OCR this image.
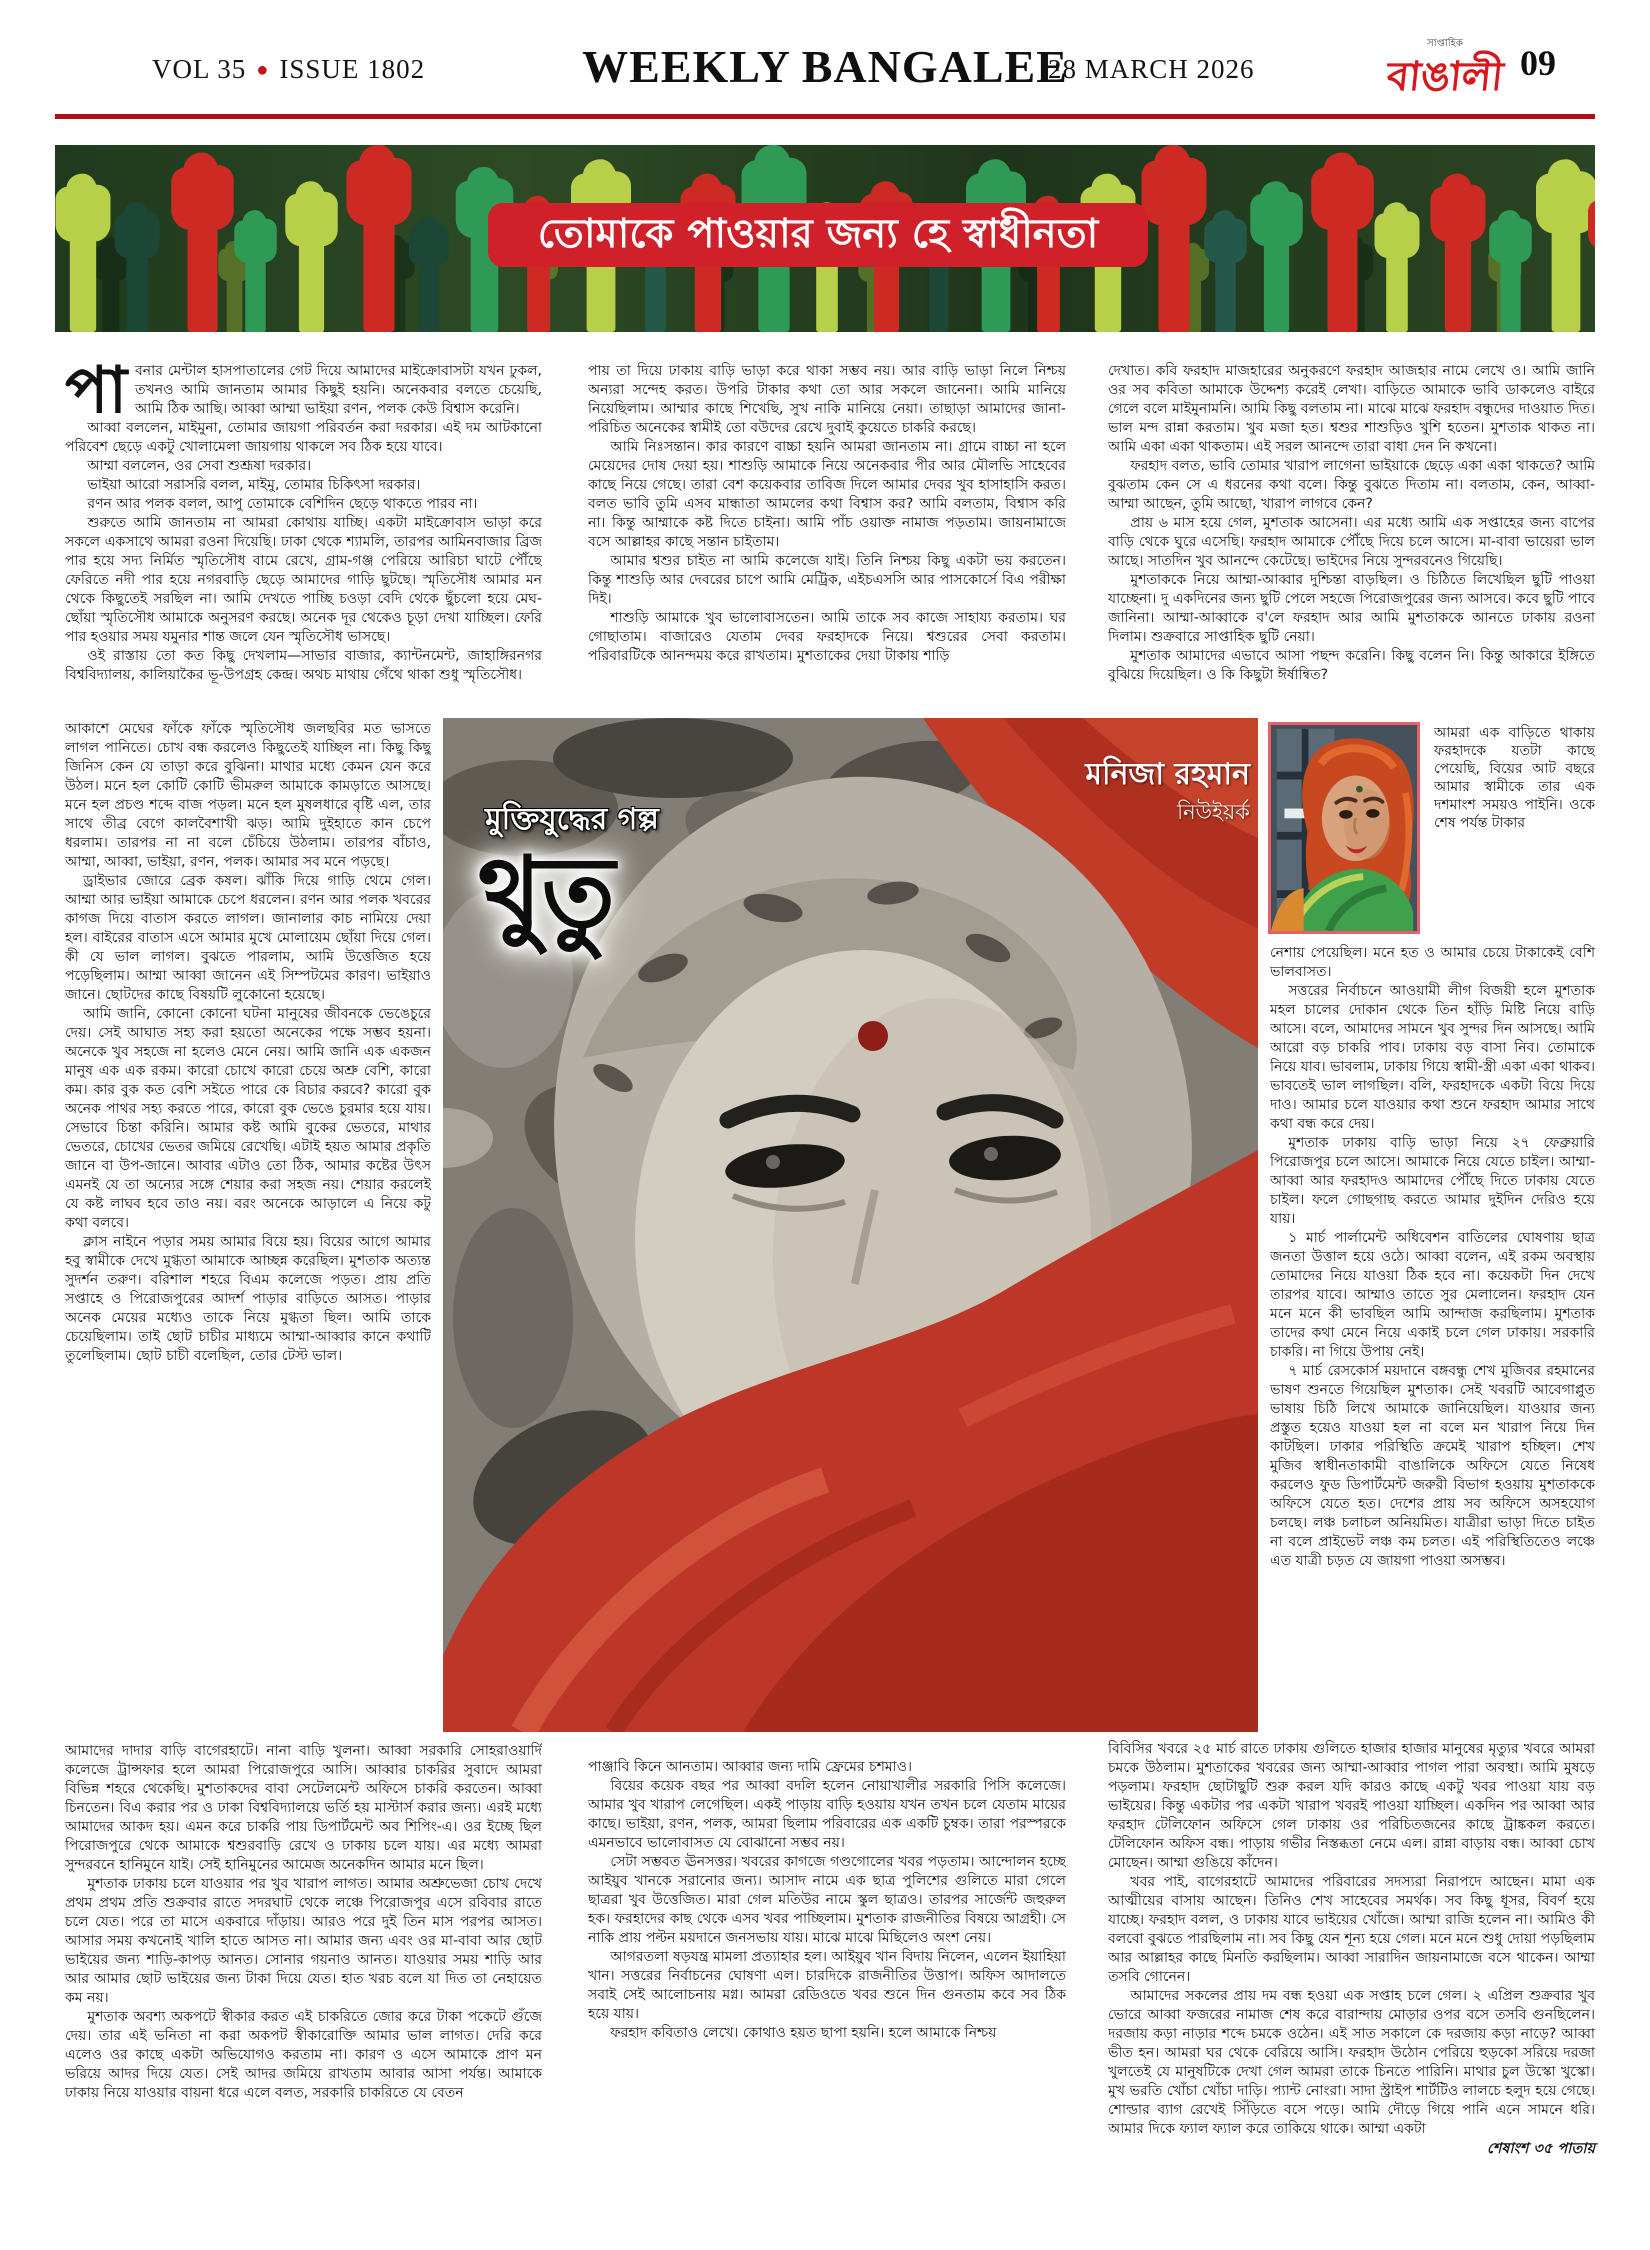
VOL 35 ● ISSUE 1802	WEEKLY BANGALEE
28 MARCH 2026
সাপ্তাহিক
বাঙালী 09
তোমাকে পাওয়ার জন্য হে স্বাধীনতা

পাবনার মেন্টাল হাসপাতালের গেট দিয়ে আমাদের মাইক্রোবাসটা যখন ঢুকল, তখনও আমি জানতাম আমার কিছুই হয়নি। অনেকবার বলতে চেয়েছি, আমি ঠিক আছি। আব্বা আম্মা ভাইয়া রণন, পলক কেউ বিশ্বাস করেনি।

আব্বা বললেন, মাইমুনা, তোমার জায়গা পরিবর্তন করা দরকার। এই দম আটকানো পরিবেশ ছেড়ে একটু খোলামেলা জায়গায় থাকলে সব ঠিক হয়ে যাবে।

আম্মা বললেন, ওর সেবা শুশ্রূষা দরকার।

ভাইয়া আরো সরাসরি বলল, মাইমু, তোমার চিকিৎসা দরকার।

রণন আর পলক বলল, আপু তোমাকে বেশিদিন ছেড়ে থাকতে পারব না।

শুরুতে আমি জানতাম না আমরা কোথায় যাচ্ছি। একটা মাইক্রোবাস ভাড়া করে সকলে একসাথে আমরা রওনা দিয়েছি। ঢাকা থেকে শ্যামলি, তারপর আমিনবাজার ব্রিজ পার হয়ে সদ্য নির্মিত স্মৃতিসৌধ বামে রেখে, গ্রাম-গঞ্জ পেরিয়ে আরিচা ঘাটে পৌঁছে ফেরিতে নদী পার হয়ে নগরবাড়ি ছেড়ে আমাদের গাড়ি ছুটছে। স্মৃতিসৌধ আমার মন থেকে কিছুতেই সরছিল না। আমি দেখতে পাচ্ছি চওড়া বেদি থেকে ছুঁচলো হয়ে মেঘ-ছোঁয়া স্মৃতিসৌধ আমাকে অনুসরণ করছে। অনেক দূর থেকেও চূড়া দেখা যাচ্ছিল। ফেরি পার হওয়ার সময় যমুনার শান্ত জলে যেন স্মৃতিসৌধ ভাসছে।

ওই রাস্তায় তো কত কিছু দেখলাম—সাভার বাজার, ক্যান্টনমেন্ট, জাহাঙ্গিরনগর বিশ্ববিদ্যালয়, কালিয়াকৈর ভূ-উপগ্রহ কেন্দ্র। অথচ মাথায় গেঁথে থাকা শুধু স্মৃতিসৌধ।

আকাশে মেঘের ফাঁকে ফাঁকে স্মৃতিসৌধ জলছবির মত ভাসতে লাগল পানিতে। চোখ বন্ধ করলেও কিছুতেই যাচ্ছিল না। কিছু কিছু জিনিস কেন যে তাড়া করে বুঝিনা। মাথার মধ্যে কেমন যেন করে উঠল। মনে হল কোটি কোটি ভীমরুল আমাকে কামড়াতে আসছে। মনে হল প্রচণ্ড শব্দে বাজ পড়ল। মনে হল মুষলধারে বৃষ্টি এল, তার সাথে তীব্র বেগে কালবৈশাখী ঝড়। আমি দুইহাতে কান চেপে ধরলাম। তারপর না না বলে চেঁচিয়ে উঠলাম। তারপর বাঁচাও, আম্মা, আব্বা, ভাইয়া, রণন, পলক। আমার সব মনে পড়ছে।

ড্রাইভার জোরে ব্রেক কষল। ঝাঁকি দিয়ে গাড়ি থেমে গেল। আম্মা আর ভাইয়া আমাকে চেপে ধরলেন। রণন আর পলক খবরের কাগজ দিয়ে বাতাস করতে লাগল। জানালার কাচ নামিয়ে দেয়া হল। বাইরের বাতাস এসে আমার মুখে মোলায়েম ছোঁয়া দিয়ে গেল। কী যে ভাল লাগল। বুঝতে পারলাম, আমি উত্তেজিত হয়ে পড়েছিলাম। আম্মা আব্বা জানেন এই সিম্পটমের কারণ। ভাইয়াও জানে। ছোটদের কাছে বিষয়টি লুকোনো হয়েছে।

আমি জানি, কোনো কোনো ঘটনা মানুষের জীবনকে ভেঙেচুরে দেয়। সেই আঘাত সহ্য করা হয়তো অনেকের পক্ষে সম্ভব হয়না। অনেকে খুব সহজে না হলেও মেনে নেয়। আমি জানি এক একজন মানুষ এক এক রকম। কারো চোখে কারো চেয়ে অশ্রু বেশি, কারো কম। কার বুক কত বেশি সইতে পারে কে বিচার করবে? কারো বুক অনেক পাথর সহ্য করতে পারে, কারো বুক ভেঙে চুরমার হয়ে যায়। সেভাবে চিন্তা করিনি। আমার কষ্ট আমি বুকের ভেতরে, মাথার ভেতরে, চোখের ভেতর জমিয়ে রেখেছি। এটাই হয়ত আমার প্রকৃতি জানে বা উপ-জানে। আবার এটাও তো ঠিক, আমার কষ্টের উৎস এমনই যে তা অন্যের সঙ্গে শেয়ার করা সহজ নয়। শেয়ার করলেই যে কষ্ট লাঘব হবে তাও নয়। বরং অনেকে আড়ালে এ নিয়ে কটু কথা বলবে।

ক্লাস নাইনে পড়ার সময় আমার বিয়ে হয়। বিয়ের আগে আমার হবু স্বামীকে দেখে মুগ্ধতা আমাকে আচ্ছন্ন করেছিল। মুশতাক অত্যন্ত সুদর্শন তরুণ। বরিশাল শহরে বিএম কলেজে পড়ত। প্রায় প্রতি সপ্তাহে ও পিরোজপুরের আদর্শ পাড়ার বাড়িতে আসত। পাড়ার অনেক মেয়ের মধ্যেও তাকে নিয়ে মুগ্ধতা ছিল। আমি তাকে চেয়েছিলাম। তাই ছোট চাচীর মাধ্যমে আম্মা-আব্বার কানে কথাটি তুলেছিলাম। ছোট চাচী বলেছিল, তোর টেস্ট ভাল।

আমাদের দাদার বাড়ি বাগেরহাটে। নানা বাড়ি খুলনা। আব্বা সরকারি সোহরাওয়ার্দি কলেজে ট্রান্সফার হলে আমরা পিরোজপুরে আসি। আব্বার চাকরির সুবাদে আমরা বিভিন্ন শহরে থেকেছি। মুশতাকদের বাবা সেটেলমেন্ট অফিসে চাকরি করতেন। আব্বা চিনতেন। বিএ করার পর ও ঢাকা বিশ্ববিদ্যালয়ে ভর্তি হয় মাস্টার্স করার জন্য। এরই মধ্যে আমাদের আকদ হয়। এমন করে চাকরি পায় ডিপার্টমেন্ট অব শিপিং-এ। ওর ইচ্ছে ছিল পিরোজপুরে থেকে আমাকে শ্বশুরবাড়ি রেখে ও ঢাকায় চলে যায়। এর মধ্যে আমরা সুন্দরবনে হানিমুনে যাই। সেই হানিমুনের আমেজ অনেকদিন আমার মনে ছিল।

মুশতাক ঢাকায় চলে যাওয়ার পর খুব খারাপ লাগত। আমার অশ্রুভেজা চোখ দেখে প্রথম প্রথম প্রতি শুক্রবার রাতে সদরঘাট থেকে লঞ্চে পিরোজপুর এসে রবিবার রাতে চলে যেত। পরে তা মাসে একবারে দাঁড়ায়। আরও পরে দুই তিন মাস পরপর আসত। আসার সময় কখনোই খালি হাতে আসত না। আমার জন্য এবং ওর মা-বাবা আর ছোট ভাইয়ের জন্য শাড়ি-কাপড় আনত। সোনার গয়নাও আনত। যাওয়ার সময় শাড়ি আর আর আমার ছোট ভাইয়ের জন্য টাকা দিয়ে যেত। হাত খরচ বলে যা দিত তা নেহায়েত কম নয়।

মুশতাক অবশ্য অকপটে স্বীকার করত এই চাকরিতে জোর করে টাকা পকেটে গুঁজে দেয়। তার এই ভনিতা না করা অকপট স্বীকারোক্তি আমার ভাল লাগত। দেরি করে এলেও ওর কাছে একটা অভিযোগও করতাম না। কারণ ও এসে আমাকে প্রাণ মন ভরিয়ে আদর দিয়ে যেত। সেই আদর জমিয়ে রাখতাম আবার আসা পর্যন্ত। আমাকে ঢাকায় নিয়ে যাওয়ার বায়না ধরে এলে বলত, সরকারি চাকরিতে যে বেতন

পায় তা দিয়ে ঢাকায় বাড়ি ভাড়া করে থাকা সম্ভব নয়। আর বাড়ি ভাড়া নিলে নিশ্চয় অন্যরা সন্দেহ করত। উপরি টাকার কথা তো আর সকলে জানেনা। আমি মানিয়ে নিয়েছিলাম। আম্মার কাছে শিখেছি, সুখ নাকি মানিয়ে নেয়া। তাছাড়া আমাদের জানা-পরিচিত অনেকের স্বামীই তো বউদের রেখে দুবাই কুয়েতে চাকরি করছে।

আমি নিঃসন্তান। কার কারণে বাচ্চা হয়নি আমরা জানতাম না। গ্রামে বাচ্চা না হলে মেয়েদের দোষ দেয়া হয়। শাশুড়ি আমাকে নিয়ে অনেকবার পীর আর মৌলভি সাহেবের কাছে নিয়ে গেছে। তারা বেশ কয়েকবার তাবিজ দিলে আমার দেবর খুব হাসাহাসি করত। বলত ভাবি তুমি এসব মান্ধাতা আমলের কথা বিশ্বাস কর? আমি বলতাম, বিশ্বাস করি না। কিন্তু আম্মাকে কষ্ট দিতে চাইনা। আমি পাঁচ ওয়াক্ত নামাজ পড়তাম। জায়নামাজে বসে আল্লাহর কাছে সন্তান চাইতাম।

আমার শ্বশুর চাইত না আমি কলেজে যাই। তিনি নিশ্চয় কিছু একটা ভয় করতেন। কিন্তু শাশুড়ি আর দেবরের চাপে আমি মেট্রিক, এইচএসসি আর পাসকোর্সে বিএ পরীক্ষা দিই।

শাশুড়ি আমাকে খুব ভালোবাসতেন। আমি তাকে সব কাজে সাহায্য করতাম। ঘর গোছাতাম। বাজারেও যেতাম দেবর ফরহাদকে নিয়ে। শ্বশুরের সেবা করতাম। পরিবারটিকে আনন্দময় করে রাখতাম। মুশতাকের দেয়া টাকায় শাড়ি

পাঞ্জাবি কিনে আনতাম। আব্বার জন্য দামি ফ্রেমের চশমাও।

বিয়ের কয়েক বছর পর আব্বা বদলি হলেন নোয়াখালীর সরকারি পিসি কলেজে। আমার খুব খারাপ লেগেছিল। একই পাড়ায় বাড়ি হওয়ায় যখন তখন চলে যেতাম মায়ের কাছে। ভাইয়া, রণন, পলক, আমরা ছিলাম পরিবারের এক একটি চুম্বক। তারা পরস্পরকে এমনভাবে ভালোবাসত যে বোঝানো সম্ভব নয়।

সেটা সম্ভবত ঊনসত্তর। খবরের কাগজে গণ্ডগোলের খবর পড়তাম। আন্দোলন হচ্ছে আইয়ুব খানকে সরানোর জন্য। আসাদ নামে এক ছাত্র পুলিশের গুলিতে মারা গেলে ছাত্ররা খুব উত্তেজিত। মারা গেল মতিউর নামে স্কুল ছাত্রও। তারপর সার্জেন্ট জহুরুল হক। ফরহাদের কাছ থেকে এসব খবর পাচ্ছিলাম। মুশতাক রাজনীতির বিষয়ে আগ্রহী। সে নাকি প্রায় পল্টন ময়দানে জনসভায় যায়। মাঝে মাঝে মিছিলেও অংশ নেয়।

আগরতলা ষড়যন্ত্র মামলা প্রত্যাহার হল। আইয়ুব খান বিদায় নিলেন, এলেন ইয়াহিয়া খান। সত্তরের নির্বাচনের ঘোষণা এল। চারদিকে রাজনীতির উত্তাপ। অফিস আদালতে সবাই সেই আলোচনায় মগ্ন। আমরা রেডিওতে খবর শুনে দিন গুনতাম কবে সব ঠিক হয়ে যায়।

ফরহাদ কবিতাও লেখে। কোথাও হয়ত ছাপা হয়নি। হলে আমাকে নিশ্চয়

দেখাত। কবি ফরহাদ মাজহারের অনুকরণে ফরহাদ আজহার নামে লেখে ও। আমি জানি ওর সব কবিতা আমাকে উদ্দেশ্য করেই লেখা। বাড়িতে আমাকে ভাবি ডাকলেও বাইরে গেলে বলে মাইমুনামনি। আমি কিছু বলতাম না। মাঝে মাঝে ফরহাদ বন্ধুদের দাওয়াত দিত। ভাল মন্দ রান্না করতাম। খুব মজা হত। শ্বশুর শাশুড়িও খুশি হতেন। মুশতাক থাকত না। আমি একা একা থাকতাম। এই সরল আনন্দে তারা বাধা দেন নি কখনো।

ফরহাদ বলত, ভাবি তোমার খারাপ লাগেনা ভাইয়াকে ছেড়ে একা একা থাকতে? আমি বুঝতাম কেন সে এ ধরনের কথা বলে। কিন্তু বুঝতে দিতাম না। বলতাম, কেন, আব্বা-আম্মা আছেন, তুমি আছো, খারাপ লাগবে কেন?

প্রায় ৬ মাস হয়ে গেল, মুশতাক আসেনা। এর মধ্যে আমি এক সপ্তাহের জন্য বাপের বাড়ি থেকে ঘুরে এসেছি। ফরহাদ আমাকে পৌঁছে দিয়ে চলে আসে। মা-বাবা ভায়েরা ভাল আছে। সাতদিন খুব আনন্দে কেটেছে। ভাইদের নিয়ে সুন্দরবনেও গিয়েছি।

মুশতাককে নিয়ে আম্মা-আব্বার দুশ্চিন্তা বাড়ছিল। ও চিঠিতে লিখেছিল ছুটি পাওয়া যাচ্ছেনা। দু একদিনের জন্য ছুটি পেলে সহজে পিরোজপুরের জন্য আসবে। কবে ছুটি পাবে জানিনা। আম্মা-আব্বাকে ব'লে ফরহাদ আর আমি মুশতাককে আনতে ঢাকায় রওনা দিলাম। শুক্রবারে সাপ্তাহিক ছুটি নেয়া।

মুশতাক আমাদের এভাবে আসা পছন্দ করেনি। কিছু বলেন নি। কিন্তু আকারে ইঙ্গিতে বুঝিয়ে দিয়েছিল। ও কি কিছুটা ঈর্ষান্বিত?

আমরা এক বাড়িতে থাকায় ফরহাদকে যতটা কাছে পেয়েছি, বিয়ের আট বছরে আমার স্বামীকে তার এক দশমাংশ সময়ও পাইনি। ওকে শেষ পর্যন্ত টাকার

নেশায় পেয়েছিল। মনে হত ও আমার চেয়ে টাকাকেই বেশি ভালবাসত।

সত্তরের নির্বাচনে আওয়ামী লীগ বিজয়ী হলে মুশতাক মহল চালের দোকান থেকে তিন হাঁড়ি মিষ্টি নিয়ে বাড়ি আসে। বলে, আমাদের সামনে খুব সুন্দর দিন আসছে। আমি আরো বড় চাকরি পাব। ঢাকায় বড় বাসা নিব। তোমাকে নিয়ে যাব। ভাবলাম, ঢাকায় গিয়ে স্বামী-স্ত্রী একা একা থাকব। ভাবতেই ভাল লাগছিল। বলি, ফরহাদকে একটা বিয়ে দিয়ে দাও। আমার চলে যাওয়ার কথা শুনে ফরহাদ আমার সাথে কথা বন্ধ করে দেয়।

মুশতাক ঢাকায় বাড়ি ভাড়া নিয়ে ২৭ ফেব্রুয়ারি পিরোজপুর চলে আসে। আমাকে নিয়ে যেতে চাইল। আম্মা-আব্বা আর ফরহাদও আমাদের পৌঁছে দিতে ঢাকায় যেতে চাইল। ফলে গোছগাছ করতে আমার দুইদিন দেরিও হয়ে যায়।

১ মার্চ পার্লামেন্ট অধিবেশন বাতিলের ঘোষণায় ছাত্র জনতা উত্তাল হয়ে ওঠে। আব্বা বলেন, এই রকম অবস্থায় তোমাদের নিয়ে যাওয়া ঠিক হবে না। কয়েকটা দিন দেখে তারপর যাবে। আম্মাও তাতে সুর মেলালেন। ফরহাদ যেন মনে মনে কী ভাবছিল আমি আন্দাজ করছিলাম। মুশতাক তাদের কথা মেনে নিয়ে একাই চলে গেল ঢাকায়। সরকারি চাকরি। না গিয়ে উপায় নেই।

৭ মার্চ রেসকোর্স ময়দানে বঙ্গবন্ধু শেখ মুজিবর রহমানের ভাষণ শুনতে গিয়েছিল মুশতাক। সেই খবরটি আবেগাপ্লুত ভাষায় চিঠি লিখে আমাকে জানিয়েছিল। যাওয়ার জন্য প্রস্তুত হয়েও যাওয়া হল না বলে মন খারাপ নিয়ে দিন কাটছিল। ঢাকার পরিস্থিতি ক্রমেই খারাপ হচ্ছিল। শেখ মুজিব স্বাধীনতাকামী বাঙালিকে অফিসে যেতে নিষেধ করলেও ফুড ডিপার্টমেন্ট জরুরী বিভাগ হওয়ায় মুশতাককে অফিসে যেতে হত। দেশের প্রায় সব অফিসে অসহযোগ চলছে। লঞ্চ চলাচল অনিয়মিত। যাত্রীরা ভাড়া দিতে চাইত না বলে প্রাইভেট লঞ্চ কম চলত। এই পরিস্থিতিতেও লঞ্চে এত যাত্রী চড়ত যে জায়গা পাওয়া অসম্ভব।

বিবিসির খবরে ২৫ মার্চ রাতে ঢাকায় গুলিতে হাজার হাজার মানুষের মৃত্যুর খবরে আমরা চমকে উঠলাম। মুশতাকের খবরের জন্য আম্মা-আব্বার পাগল পারা অবস্থা। আমি মুষড়ে পড়লাম। ফরহাদ ছোটাছুটি শুরু করল যদি কারও কাছে একটু খবর পাওয়া যায় বড় ভাইয়ের। কিন্তু একটার পর একটা খারাপ খবরই পাওয়া যাচ্ছিল। একদিন পর আব্বা আর ফরহাদ টেলিফোন অফিসে গেল ঢাকায় ওর পরিচিতজনের কাছে ট্রাঙ্ককল করতে। টেলিফোন অফিস বন্ধ। পাড়ায় গভীর নিস্তব্ধতা নেমে এল। রান্না বাড়ায় বন্ধ। আব্বা চোখ মোছেন। আম্মা গুঙিয়ে কাঁদেন।

খবর পাই, বাগেরহাটে আমাদের পরিবারের সদস্যরা নিরাপদে আছেন। মামা এক আত্মীয়ের বাসায় আছেন। তিনিও শেখ সাহেবের সমর্থক। সব কিছু ধূসর, বিবর্ণ হয়ে যাচ্ছে। ফরহাদ বলল, ও ঢাকায় যাবে ভাইয়ের খোঁজে। আম্মা রাজি হলেন না। আমিও কী বলবো বুঝতে পারছিলাম না। সব কিছু যেন শূন্য হয়ে গেল। মনে মনে শুধু দোয়া পড়ছিলাম আর আল্লাহর কাছে মিনতি করছিলাম। আব্বা সারাদিন জায়নামাজে বসে থাকেন। আম্মা তসবি গোনেন।

আমাদের সকলের প্রায় দম বন্ধ হওয়া এক সপ্তাহ চলে গেল। ২ এপ্রিল শুক্রবার খুব ভোরে আব্বা ফজরের নামাজ শেষ করে বারান্দায় মোড়ার ওপর বসে তসবি গুনছিলেন। দরজায় কড়া নাড়ার শব্দে চমকে ওঠেন। এই সাত সকালে কে দরজায় কড়া নাড়ে? আব্বা ভীত হন। আমরা ঘর থেকে বেরিয়ে আসি। ফরহাদ উঠোন পেরিয়ে হুড়কো সরিয়ে দরজা খুলতেই যে মানুষটিকে দেখা গেল আমরা তাকে চিনতে পারিনি। মাথার চুল উস্কো খুস্কো। মুখ ভরতি খোঁচা খোঁচা দাড়ি। প্যান্ট নোংরা। সাদা স্ট্রাইপ শার্টটিও লালচে হলুদ হয়ে গেছে। শোল্ডার ব্যাগ রেখেই সিঁড়িতে বসে পড়ে। আমি দৌড়ে গিয়ে পানি এনে সামনে ধরি। আমার দিকে ফ্যাল ফ্যাল করে তাকিয়ে থাকে। আম্মা একটা

শেষাংশ ৩৫ পাতায়
মুক্তিযুদ্ধের গল্প
থুতু
মনিজা রহমান
নিউইয়র্ক
